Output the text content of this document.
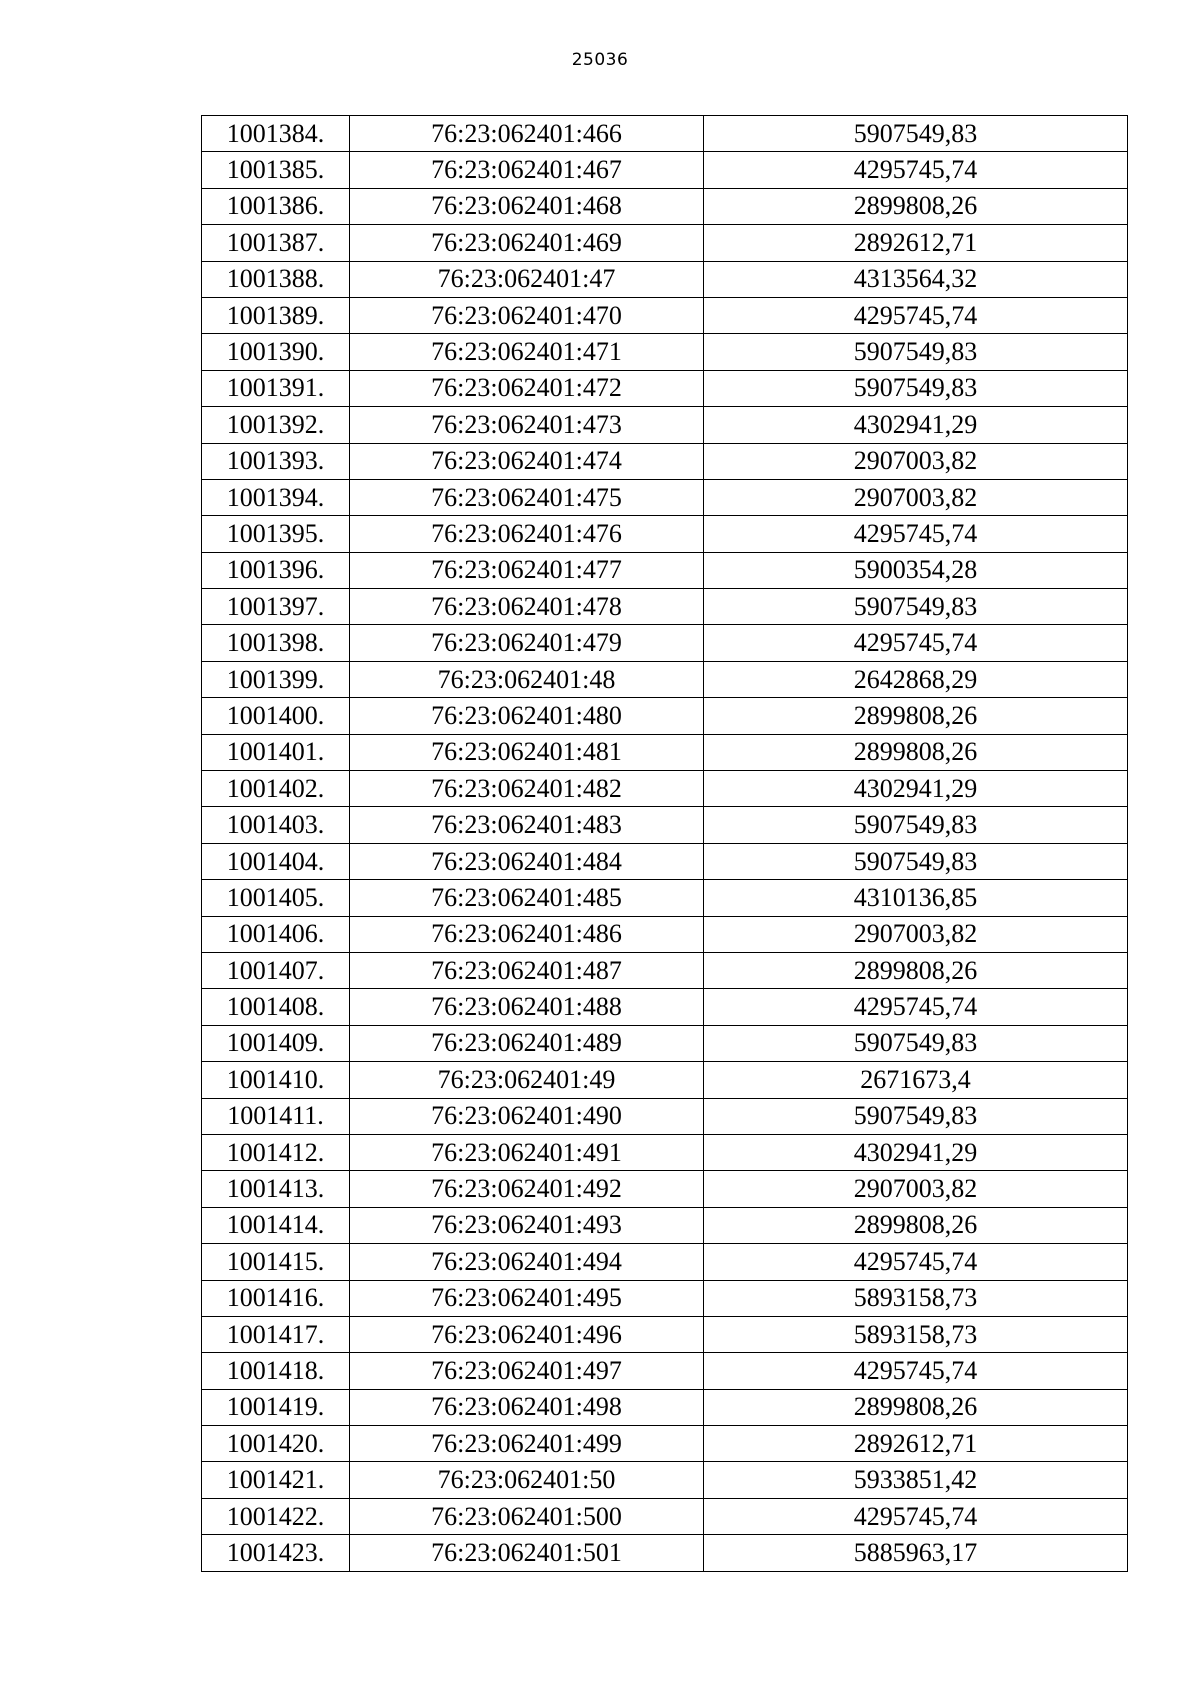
25036
1001384.	76:23:062401:466	5907549,83
1001385.	76:23:062401:467	4295745,74
1001386.	76:23:062401:468	2899808,26
1001387.	76:23:062401:469	2892612,71
1001388.	76:23:062401:47	4313564,32
1001389.	76:23:062401:470	4295745,74
1001390.	76:23:062401:471	5907549,83
1001391.	76:23:062401:472	5907549,83
1001392.	76:23:062401:473	4302941,29
1001393.	76:23:062401:474	2907003,82
1001394.	76:23:062401:475	2907003,82
1001395.	76:23:062401:476	4295745,74
1001396.	76:23:062401:477	5900354,28
1001397.	76:23:062401:478	5907549,83
1001398.	76:23:062401:479	4295745,74
1001399.	76:23:062401:48	2642868,29
1001400.	76:23:062401:480	2899808,26
1001401.	76:23:062401:481	2899808,26
1001402.	76:23:062401:482	4302941,29
1001403.	76:23:062401:483	5907549,83
1001404.	76:23:062401:484	5907549,83
1001405.	76:23:062401:485	4310136,85
1001406.	76:23:062401:486	2907003,82
1001407.	76:23:062401:487	2899808,26
1001408.	76:23:062401:488	4295745,74
1001409.	76:23:062401:489	5907549,83
1001410.	76:23:062401:49	2671673,4
1001411.	76:23:062401:490	5907549,83
1001412.	76:23:062401:491	4302941,29
1001413.	76:23:062401:492	2907003,82
1001414.	76:23:062401:493	2899808,26
1001415.	76:23:062401:494	4295745,74
1001416.	76:23:062401:495	5893158,73
1001417.	76:23:062401:496	5893158,73
1001418.	76:23:062401:497	4295745,74
1001419.	76:23:062401:498	2899808,26
1001420.	76:23:062401:499	2892612,71
1001421.	76:23:062401:50	5933851,42
1001422.	76:23:062401:500	4295745,74
1001423.	76:23:062401:501	5885963,17
